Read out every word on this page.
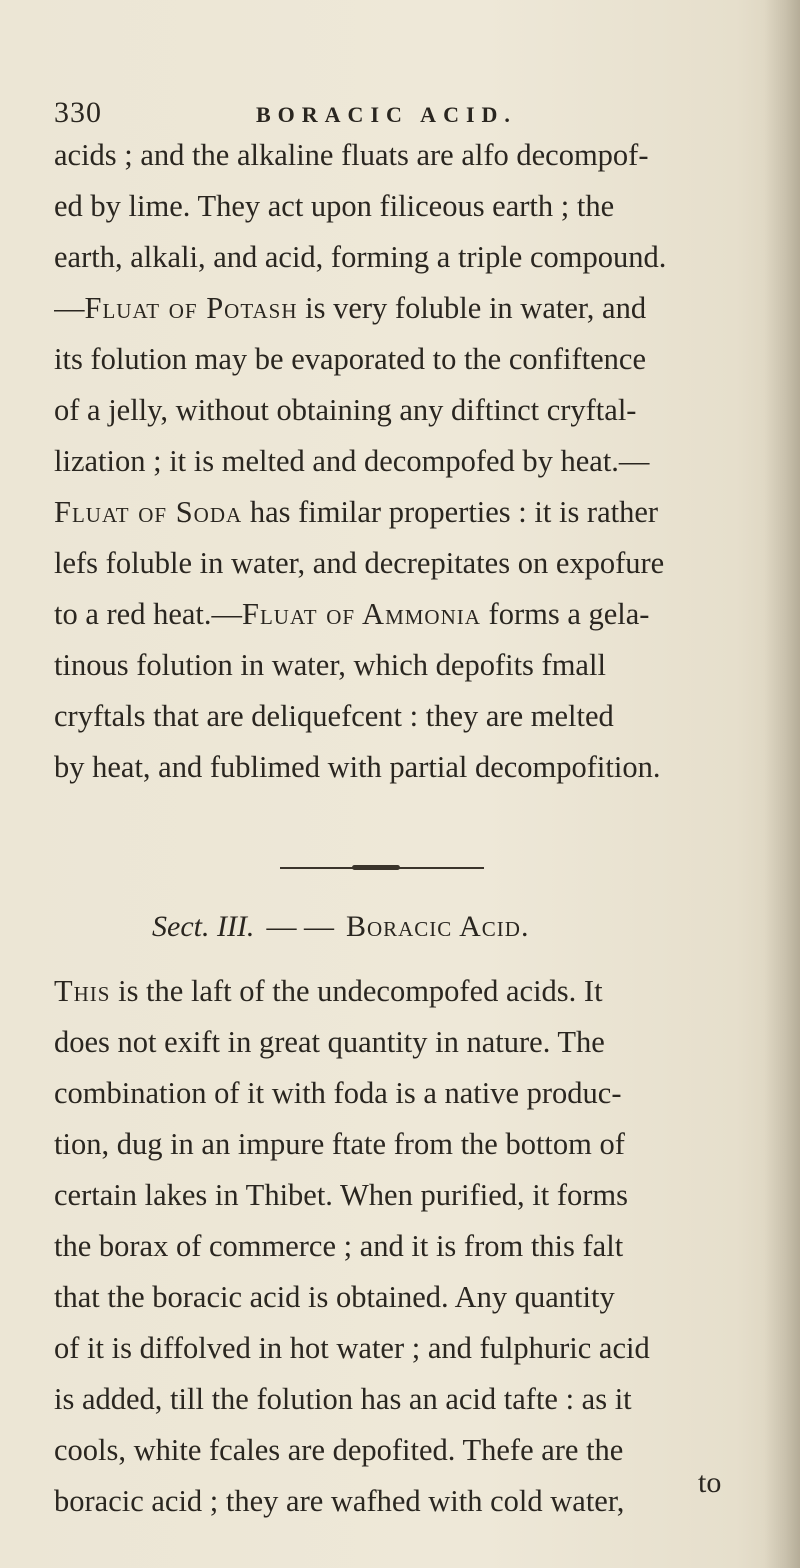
330	BORACIC ACID.
acids ; and the alkaline fluats are alfo decompof-
ed by lime. They act upon filiceous earth ; the
earth, alkali, and acid, forming a triple compound.
—Fluat of Potash is very foluble in water, and
its folution may be evaporated to the confiftence
of a jelly, without obtaining any diftinct cryftal-
lization ; it is melted and decompofed by heat.—
Fluat of Soda has fimilar properties : it is rather
lefs foluble in water, and decrepitates on expofure
to a red heat.—Fluat of Ammonia forms a gela-
tinous folution in water, which depofits fmall
cryftals that are deliquefcent : they are melted
by heat, and fublimed with partial decompofition.
Sect. III. — — Boracic Acid.
This is the laft of the undecompofed acids. It
does not exift in great quantity in nature. The
combination of it with foda is a native produc-
tion, dug in an impure ftate from the bottom of
certain lakes in Thibet. When purified, it forms
the borax of commerce ; and it is from this falt
that the boracic acid is obtained. Any quantity
of it is diffolved in hot water ; and fulphuric acid
is added, till the folution has an acid tafte : as it
cools, white fcales are depofited. Thefe are the
boracic acid ; they are wafhed with cold water,
to
